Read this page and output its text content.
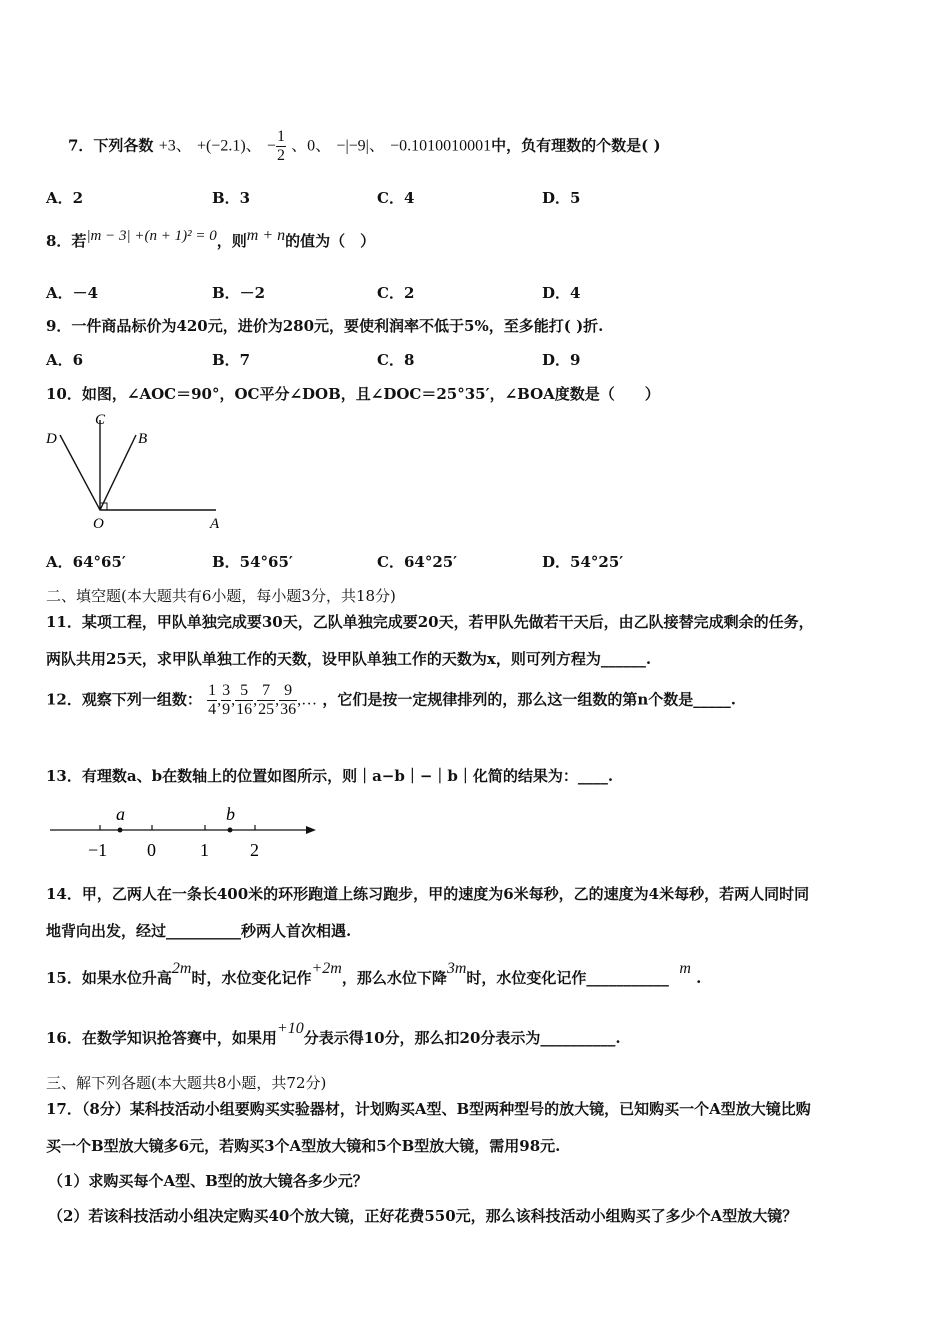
7．下列各数 +3、 +(−2.1)、 − $\frac{1}{2}$ 、0、 −|−9|、 −0.1010010001中，负有理数的个数是( )
A．2	B．3	C．4	D．5
8．若|m − 3| +(n + 1)² = 0，则m + n的值为（　）
A．－4	B．－2	C．2	D．4
9．一件商品标价为420元，进价为280元，要使利润率不低于5%，至多能打( )折.
A．6	B．7	C．8	D．9
10．如图，∠AOC＝90°，OC平分∠DOB，且∠DOC＝25°35′，∠BOA度数是（　　）
C
D	B
O	A
A．64°65′	B．54°65′	C．64°25′	D．54°25′
二、填空题(本大题共有6小题，每小题3分，共18分)
11．某项工程，甲队单独完成要30天，乙队单独完成要20天，若甲队先做若干天后，由乙队接替完成剩余的任务，
两队共用25天，求甲队单独工作的天数，设甲队单独工作的天数为x，则可列方程为______.
12．观察下列一组数： $\frac{1}{4}$ , $\frac{3}{9}$ , $\frac{5}{16}$ , $\frac{7}{25}$ , $\frac{9}{36}$ ,… ，它们是按一定规律排列的，那么这一组数的第n个数是_____.
13．有理数a、b在数轴上的位置如图所示，则｜a−b｜−｜b｜化简的结果为：____.
a	b
−1 0 1 2
14．甲，乙两人在一条长400米的环形跑道上练习跑步，甲的速度为6米每秒，乙的速度为4米每秒，若两人同时同
地背向出发，经过__________秒两人首次相遇.
15．如果水位升高2m时，水位变化记作+2m，那么水位下降3m时，水位变化记作___________  m .
16．在数学知识抢答赛中，如果用+10分表示得10分，那么扣20分表示为__________.
三、解下列各题(本大题共8小题，共72分)
17．（8分）某科技活动小组要购买实验器材，计划购买A型、B型两种型号的放大镜，已知购买一个A型放大镜比购
买一个B型放大镜多6元，若购买3个A型放大镜和5个B型放大镜，需用98元.
（1）求购买每个A型、B型的放大镜各多少元？
（2）若该科技活动小组决定购买40个放大镜，正好花费550元，那么该科技活动小组购买了多少个A型放大镜？
